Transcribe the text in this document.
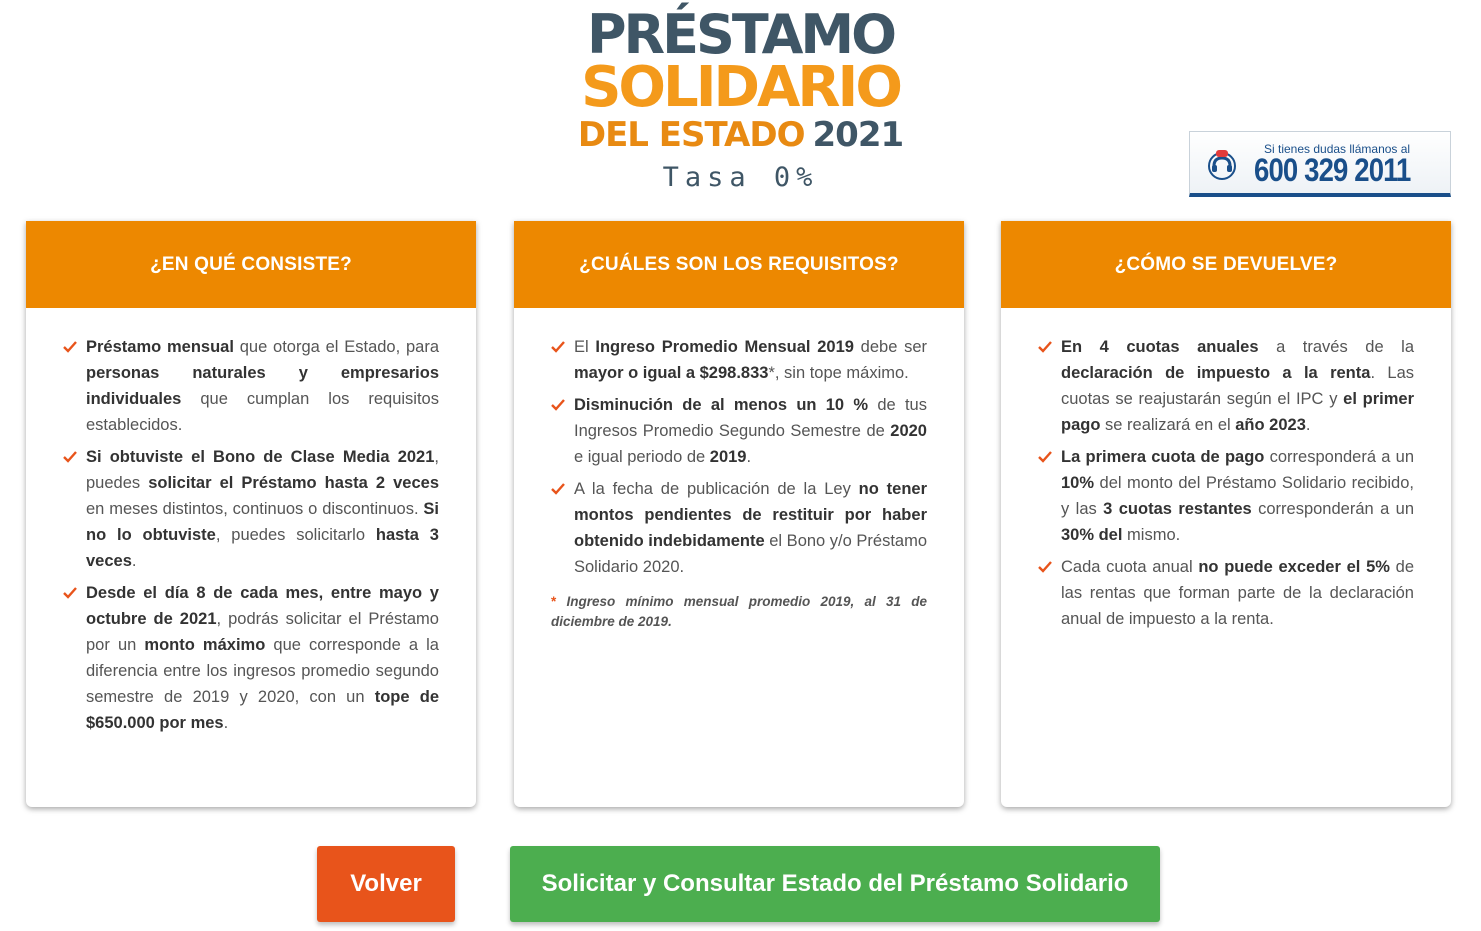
PRÉSTAMO
SOLIDARIO
DEL ESTADO 2021
Tasa 0%
Si tienes dudas llámanos al
600 329 2011
¿EN QUÉ CONSISTE?
Préstamo mensual que otorga el Estado, para personas naturales y empresarios individuales que cumplan los requisitos establecidos.
Si obtuviste el Bono de Clase Media 2021, puedes solicitar el Préstamo hasta 2 veces en meses distintos, continuos o discontinuos. Si no lo obtuviste, puedes solicitarlo hasta 3 veces.
Desde el día 8 de cada mes, entre mayo y octubre de 2021, podrás solicitar el Préstamo por un monto máximo que corresponde a la diferencia entre los ingresos promedio segundo semestre de 2019 y 2020, con un tope de $650.000 por mes.
¿CUÁLES SON LOS REQUISITOS?
El Ingreso Promedio Mensual 2019 debe ser mayor o igual a $298.833*, sin tope máximo.
Disminución de al menos un 10 % de tus Ingresos Promedio Segundo Semestre de 2020 e igual periodo de 2019.
A la fecha de publicación de la Ley no tener montos pendientes de restituir por haber obtenido indebidamente el Bono y/o Préstamo Solidario 2020.
* Ingreso mínimo mensual promedio 2019, al 31 de diciembre de 2019.
¿CÓMO SE DEVUELVE?
En 4 cuotas anuales a través de la declaración de impuesto a la renta. Las cuotas se reajustarán según el IPC y el primer pago se realizará en el año 2023.
La primera cuota de pago corresponderá a un 10% del monto del Préstamo Solidario recibido, y las 3 cuotas restantes corresponderán a un 30% del mismo.
Cada cuota anual no puede exceder el 5% de las rentas que forman parte de la declaración anual de impuesto a la renta.
Volver	Solicitar y Consultar Estado del Préstamo Solidario
